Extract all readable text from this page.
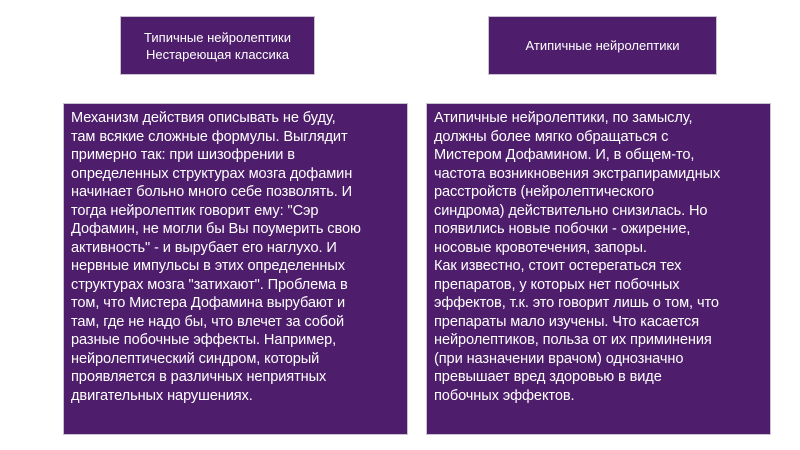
Типичные нейролептики
Нестареющая классика
Атипичные нейролептики
Механизм действия описывать не буду,
там всякие сложные формулы. Выглядит
примерно так: при шизофрении в
определенных структурах мозга дофамин
начинает больно много себе позволять. И
тогда нейролептик говорит ему: "Сэр
Дофамин, не могли бы Вы поумерить свою
активность" - и вырубает его наглухо. И
нервные импульсы в этих определенных
структурах мозга "затихают". Проблема в
том, что Мистера Дофамина вырубают и
там, где не надо бы, что влечет за собой
разные побочные эффекты. Например,
нейролептический синдром, который
проявляется в различных неприятных
двигательных нарушениях.
Атипичные нейролептики, по замыслу,
должны более мягко обращаться с
Мистером Дофамином. И, в общем-то,
частота возникновения экстрапирамидных
расстройств (нейролептического
синдрома) действительно снизилась. Но
появились новые побочки - ожирение,
носовые кровотечения, запоры.
Как известно, стоит остерегаться тех
препаратов, у которых нет побочных
эффектов, т.к. это говорит лишь о том, что
препараты мало изучены. Что касается
нейролептиков, польза от их приминения
(при назначении врачом) однозначно
превышает вред здоровью в виде
побочных эффектов.
